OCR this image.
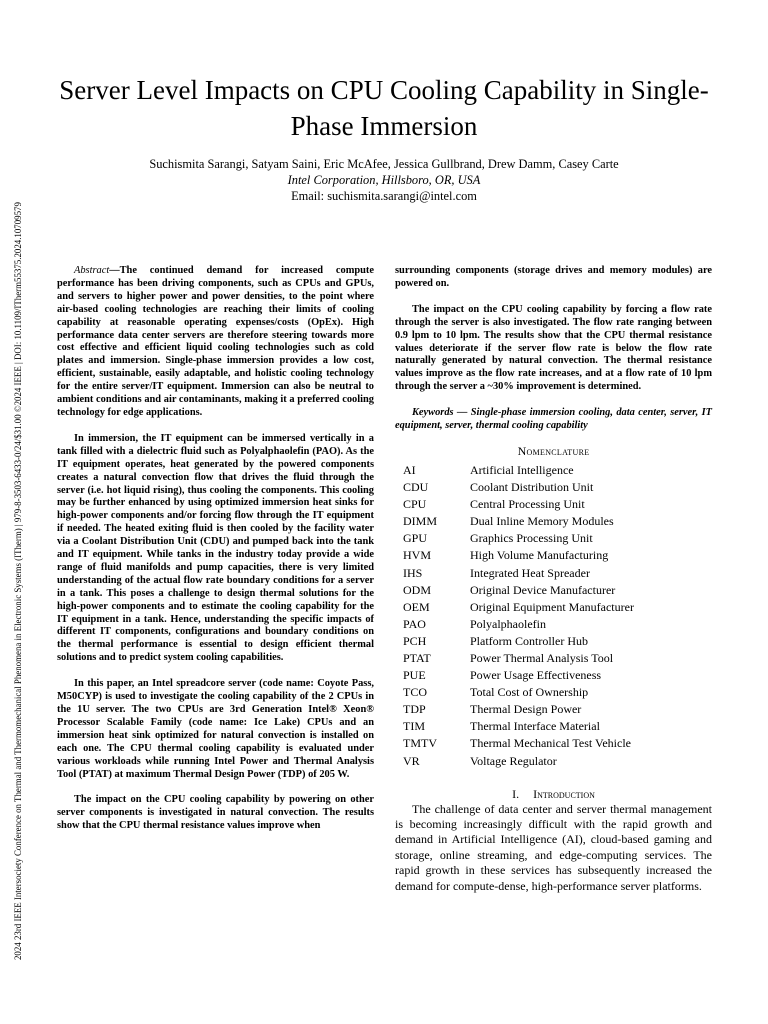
2024 23rd IEEE Intersociety Conference on Thermal and Thermomechanical Phenomena in Electronic Systems (ITherm) | 979-8-3503-6433-0/24/$31.00 ©2024 IEEE | DOI: 10.1109/ITherm55375.2024.10709579
Server Level Impacts on CPU Cooling Capability in Single-Phase Immersion
Suchismita Sarangi, Satyam Saini, Eric McAfee, Jessica Gullbrand, Drew Damm, Casey Carte
Intel Corporation, Hillsboro, OR, USA
Email: suchismita.sarangi@intel.com

Abstract—The continued demand for increased compute performance has been driving components, such as CPUs and GPUs, and servers to higher power and power densities, to the point where air-based cooling technologies are reaching their limits of cooling capability at reasonable operating expenses/costs (OpEx). High performance data center servers are therefore steering towards more cost effective and efficient liquid cooling technologies such as cold plates and immersion. Single-phase immersion provides a low cost, efficient, sustainable, easily adaptable, and holistic cooling technology for the entire server/IT equipment. Immersion can also be neutral to ambient conditions and air contaminants, making it a preferred cooling technology for edge applications.

In immersion, the IT equipment can be immersed vertically in a tank filled with a dielectric fluid such as Polyalphaolefin (PAO). As the IT equipment operates, heat generated by the powered components creates a natural convection flow that drives the fluid through the server (i.e. hot liquid rising), thus cooling the components. This cooling may be further enhanced by using optimized immersion heat sinks for high-power components and/or forcing flow through the IT equipment if needed. The heated exiting fluid is then cooled by the facility water via a Coolant Distribution Unit (CDU) and pumped back into the tank and IT equipment. While tanks in the industry today provide a wide range of fluid manifolds and pump capacities, there is very limited understanding of the actual flow rate boundary conditions for a server in a tank. This poses a challenge to design thermal solutions for the high-power components and to estimate the cooling capability for the IT equipment in a tank. Hence, understanding the specific impacts of different IT components, configurations and boundary conditions on the thermal performance is essential to design efficient thermal solutions and to predict system cooling capabilities.

In this paper, an Intel spreadcore server (code name: Coyote Pass, M50CYP) is used to investigate the cooling capability of the 2 CPUs in the 1U server. The two CPUs are 3rd Generation Intel® Xeon® Processor Scalable Family (code name: Ice Lake) CPUs and an immersion heat sink optimized for natural convection is installed on each one. The CPU thermal cooling capability is evaluated under various workloads while running Intel Power and Thermal Analysis Tool (PTAT) at maximum Thermal Design Power (TDP) of 205 W.

The impact on the CPU cooling capability by powering on other server components is investigated in natural convection. The results show that the CPU thermal resistance values improve when

surrounding components (storage drives and memory modules) are powered on.

The impact on the CPU cooling capability by forcing a flow rate through the server is also investigated. The flow rate ranging between 0.9 lpm to 10 lpm. The results show that the CPU thermal resistance values deteriorate if the server flow rate is below the flow rate naturally generated by natural convection. The thermal resistance values improve as the flow rate increases, and at a flow rate of 10 lpm through the server a ~30% improvement is determined.

Keywords — Single-phase immersion cooling, data center, server, IT equipment, server, thermal cooling capability

Nomenclature
AI	Artificial Intelligence
CDU	Coolant Distribution Unit
CPU	Central Processing Unit
DIMM	Dual Inline Memory Modules
GPU	Graphics Processing Unit
HVM	High Volume Manufacturing
IHS	Integrated Heat Spreader
ODM	Original Device Manufacturer
OEM	Original Equipment Manufacturer
PAO	Polyalphaolefin
PCH	Platform Controller Hub
PTAT	Power Thermal Analysis Tool
PUE	Power Usage Effectiveness
TCO	Total Cost of Ownership
TDP	Thermal Design Power
TIM	Thermal Interface Material
TMTV	Thermal Mechanical Test Vehicle
VR	Voltage Regulator
I. Introduction

The challenge of data center and server thermal management is becoming increasingly difficult with the rapid growth and demand in Artificial Intelligence (AI), cloud-based gaming and storage, online streaming, and edge-computing services. The rapid growth in these services has subsequently increased the demand for compute-dense, high-performance server platforms.
